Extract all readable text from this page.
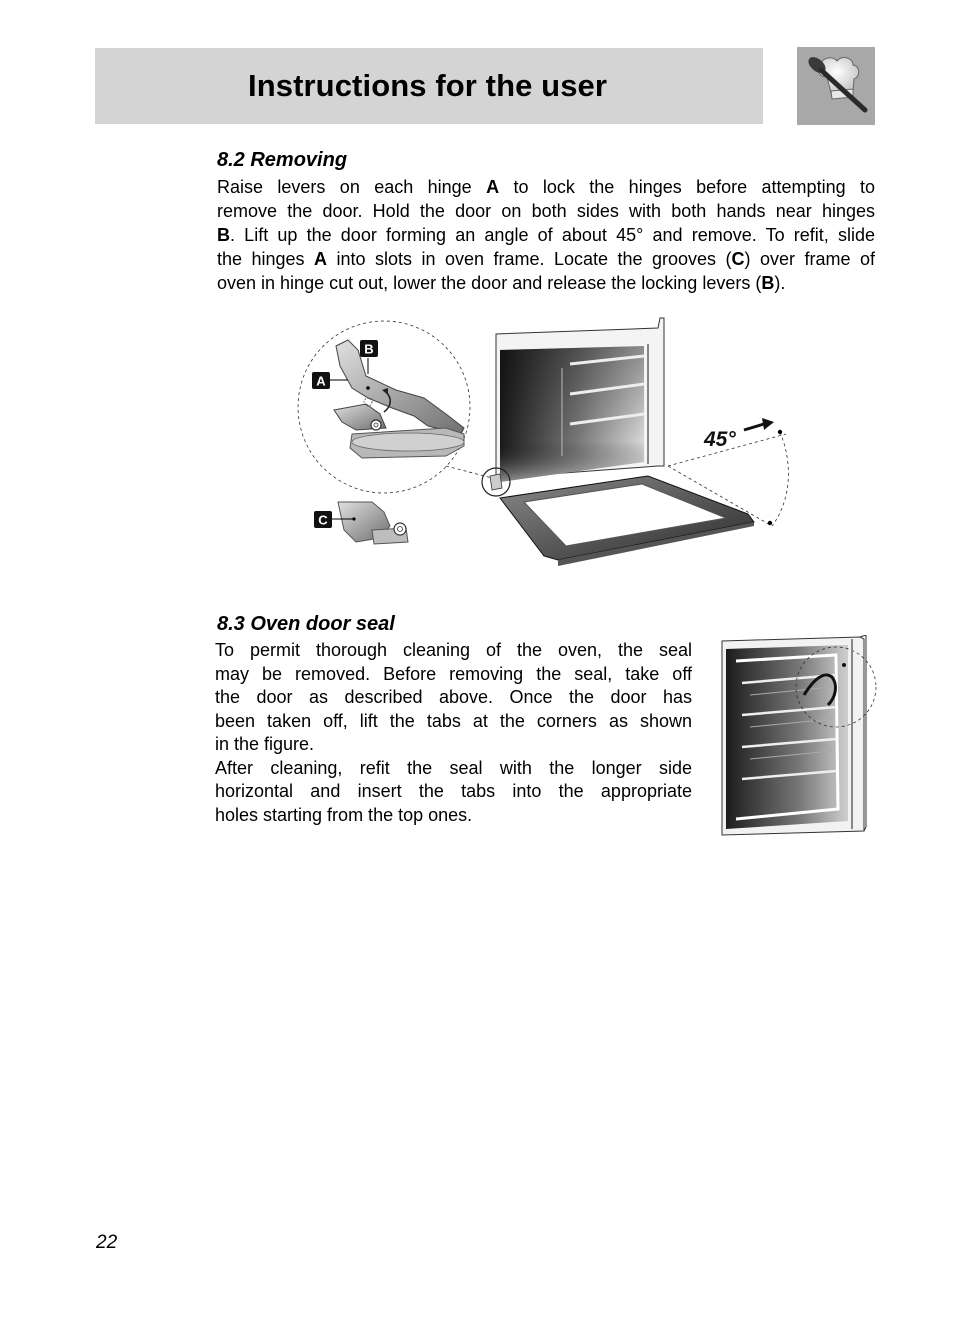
Instructions for the user
8.2 Removing
Raise levers on each hinge A to lock the hinges before attempting to
remove the door. Hold the door on both sides with both hands near hinges
B. Lift up the door forming an angle of about 45° and remove. To refit, slide
the hinges A into slots in oven frame. Locate the grooves (C) over frame of
oven in hinge cut out, lower the door and release the locking levers (B).
B
A
C
45°
8.3 Oven door seal
To permit thorough cleaning of the oven, the seal
may be removed. Before removing the seal, take off
the door as described above. Once the door has
been taken off, lift the tabs at the corners as shown
in the figure.
After cleaning, refit the seal with the longer side
horizontal and insert the tabs into the appropriate
holes starting from the top ones.
22
